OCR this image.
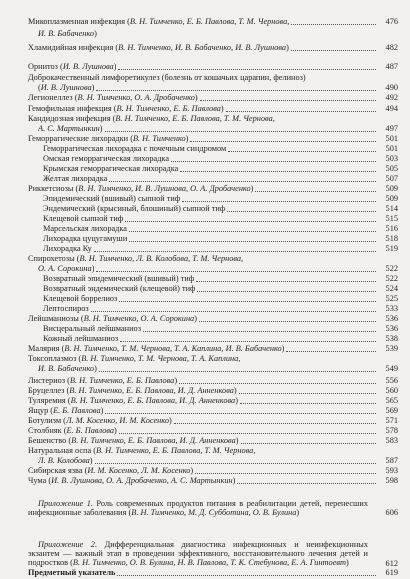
Микоплазменная инфекция (В. Н. Тимченко, Е. Б. Павлова, Т. М. Чернова,	476
И. В. Бабаченко)
Хламидийная инфекция (В. Н. Тимченко, И. В. Бабаченко, И. В. Лушнова)	482
Орнитоз (И. В. Лушнова)	487
Доброкачественный лимфоретикулез (болезнь от кошачьих царапин, фелиноз)
(И. В. Лушнова)	490
Легионеллез (В. Н. Тимченко, О. А. Дробаченко)	492
Гемофильная инфекция (В. Н. Тимченко, Е. Б. Павлова)	494
Кандидозная инфекция (В. Н. Тимченко, Е. Б. Павлова, Т. М. Чернова,
А. С. Мартынкин)	497
Геморрагические лихорадки (В. Н. Тимченко)	501
Геморрагическая лихорадка с почечным синдромом	501
Омская геморрагическая лихорадка	503
Крымская геморрагическая лихорадка	505
Желтая лихорадка	507
Риккетсиозы (В. Н. Тимченко, И. В. Лушнова, О. А. Дробаченко)	509
Эпидемический (вшивый) сыпной тиф	509
Эндемический (крысиный, блошиный) сыпной тиф	514
Клещевой сыпной тиф	515
Марсельская лихорадка	516
Лихорадка цуцугамуши	518
Лихорадка Ку	519
Спирохетозы (В. Н. Тимченко, Л. В. Колобова, Т. М. Чернова,
О. А. Сорокина)	522
Возвратный эпидемический (вшивый) тиф	522
Возвратный эндемический (клещевой) тиф	524
Клещевой боррелиоз	525
Лептоспироз	533
Лейшманиозы (В. Н. Тимченко, О. А. Сорокина)	536
Висцеральный лейшманиоз	536
Кожный лейшманиоз	538
Малярия (В. Н. Тимченко, Т. М. Чернова, Т. А. Каплина, И. В. Бабаченко)	539
Токсоплазмоз (В. Н. Тимченко, Т. М. Чернова, Т. А. Каплина,
И. В. Бабаченко)	549
Листериоз (В. Н. Тимченко, Е. Б. Павлова)	556
Бруцеллез (В. Н. Тимченко, Е. Б. Павлова, И. Д. Анненкова)	560
Туляремия (В. Н. Тимченко, Е. Б. Павлова, И. Д. Анненкова)	565
Ящур (Е. Б. Павлова)	569
Ботулизм (Л. М. Косенко, И. М. Косенко)	571
Столбняк (Е. Б. Павлова)	578
Бешенство (В. Н. Тимченко, Е. Б. Павлова, И. Д. Анненкова)	583
Натуральная оспа (В. Н. Тимченко, Е. Б. Павлова, Т. М. Чернова,
Л. В. Колобова)	587
Сибирская язва (И. М. Косенко, Л. М. Косенко)	593
Чума (И. В. Лушнова, О. А. Дробаченко, А. С. Мартынкин)	598
Приложение 1. Роль современных продуктов питания в реабилитации детей, перенесших инфекционные заболевания (В. Н. Тимченко, М. Д. Субботина, О. В. Булина)	606
Приложение 2. Дифференциальная диагностика инфекционных и неинфекционных экзантем — важный этап в проведении эффективного, восстановительного лечения детей и подростков (В. Н. Тимченко, О. В. Булина, Н. В. Павлова, Т. К. Стебунова, Е. А. Гинтоевт)	612
Предметный указатель	619
